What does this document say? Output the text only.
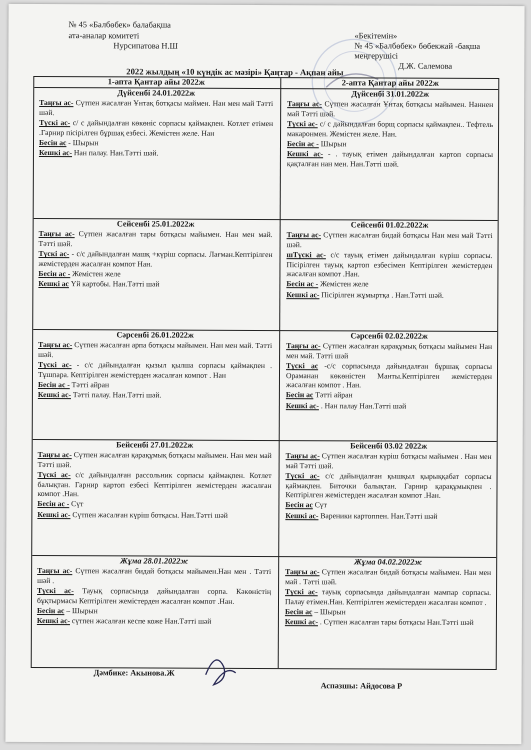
№ 45 «Балбөбек» балабақша
ата-аналар комитеті
Нурсипатова Н.Ш
«Бекітемін»
№ 45 «Балбөбек» бөбекжай -бақша
меңгерушісі
Д.Ж. Салемова
2022 жылдың «10 күндік ас мәзірі» Қаңтар - Ақпан айы
1-апта Қантар айы 2022ж
Дүйсенбі 24.01.2022ж
Таңғы ас- Сүтпен жасалған Ұнтақ ботқасы маймен. Нан мен май Тәтті шәй.
Түскі ас- с/ с дайындалған көкөніс сорпасы қаймақпен. Котлет етімен .Гарнир пісірілген бұршақ езбесі. Жемістен желе. Нан
Бесін ас - Шырын
Кешкі ас- Нан палау. Нан.Тәтті шәй.
Сейсенбі 25.01.2022ж
Таңғы ас- Сүтпен жасалған тары ботқасы майымен. Нан мен май. Тәтті шәй.
Түскі ас- - с/с дайындалған машқ +күріш сорпасы. Лағман.Кептірілген жемістерден жасалған компот Нан.
Бесін ас - Жемістен желе
Кешкі ас Үй картобы. Нан.Тәтті шәй
Сәрсенбі 26.01.2022ж
Таңғы ас- Сүтпен жасалған арпа ботқасы майымен. Нан мен май. Тәтті шәй.
Түскі ас- - с/с дайындалған қызыл қылша сорпасы қаймақпен . Тұшпара. Кептірілген жемістерден жасалған компот . Нан
Бесін ас - Тәтті айран
Кешкі ас- Тәтті палау. Нан.Тәтті шәй.
Бейсенбі 27.01.2022ж
Таңғы ас- Сүтпен жасалған қарақұмық ботқасы майымен. Нан мен май Тәтті шәй.
Түскі ас- с/с дайындалған рассольник сорпасы қаймақпен. Котлет балықтан. Гарнир картоп езбесі Кептірілген жемістерден жасалған компот .Нан.
Бесін ас - Сүт
Кешкі ас- Сүтпен жасалған күріш ботқасы. Нан.Тәтті шәй
Жұма 28.01.2022ж
Таңғы ас- Сүтпен жасалған бидай ботқасы майымен.Нан мен . Тәтті шәй .
Түскі ас- Тауық сорпасында дайындалған сорпа. Кәкөністің бұқтырмасы Кептірілген жемістерден жасалған компот .Нан.
Бесін ас – Шырын
Кешкі ас- сүтпен жасалған кеспе коже Нан.Тәтті шәй
2-апта Қантар айы 2022ж
Дүйсенбі 31.01.2022ж
Таңғы ас- Сүтпен жасалған Ұнтақ ботқасы майымен. Наннен май Тәтті шәй.
Түскі ас- с/ с дайындалған борщ сорпасы қаймақпен.. Тефтель макаронмен. Жемістен желе. Нан.
Бесін ас - Шырын
Кешкі ас- - . тауық етімен дайындалған картоп сорпасы қақталған нан мен. Нан.Тәтті шәй.
Сейсенбі 01.02.2022ж
Таңғы ас- Сүтпен жасалған бидай ботқасы Нан мен май Тәтті шәй.
шТүскі ас- с/с тауық етімен дайындалған күріш сорпасы. Пісірілген тауық картоп езбесімен Кептірілген жемістерден жасалған компот .Нан.
Бесін ас - Жемістен желе
Кешкі ас- Пісірілген жұмыртқа . Нан.Тәтті шәй.
Сәрсенбі 02.02.2022ж
Таңғы ас- Сүтпен жасалған қарақұмық ботқасы майымен Нан мен май. Тәтті шәй
Түскі ас -с/с сорпасында дайындалған бұршақ сорпасы Ораманан көкөністен Манты.Кептірілген жемістерден жасалған компот . Нан.
Бесін ас Тәтті айран
Кешкі ас- . Нан палау Нан.Тәтті шәй
Бейсенбі 03.02 2022ж
Таңғы ас- Сүтпен жасалған күріш ботқасы майымен . Нан мен май Тәтті шәй.
Түскі ас- с/с дайындалған қышқыл қырыққабат сорпасы қаймақпен. Биточки балықтан. Гарнир қарақұмықпен . Кептірілген жемістерден жасалған компот .Нан.
Бесін ас Сүт
Кешкі ас- Вареники картоппен. Нан.Тәтті шәй
Жұма 04.02.2022ж
Таңғы ас- Сүтпен жасалған бидай ботқасы майымен. Нан мен май . Тәтті шәй.
Түскі ас- тауық сорпасында дайындалған мампар сорпасы. Палау етімен.Нан. Кептірілген жемістерден жасалған компот .
Бесін ас – Шырын
Кешкі ас- . Сүтпен жасалған тары ботқасы Нан.Тәтті шәй
Дәмбике: Акынова.Ж
Аспазшы: Айдосова Р
